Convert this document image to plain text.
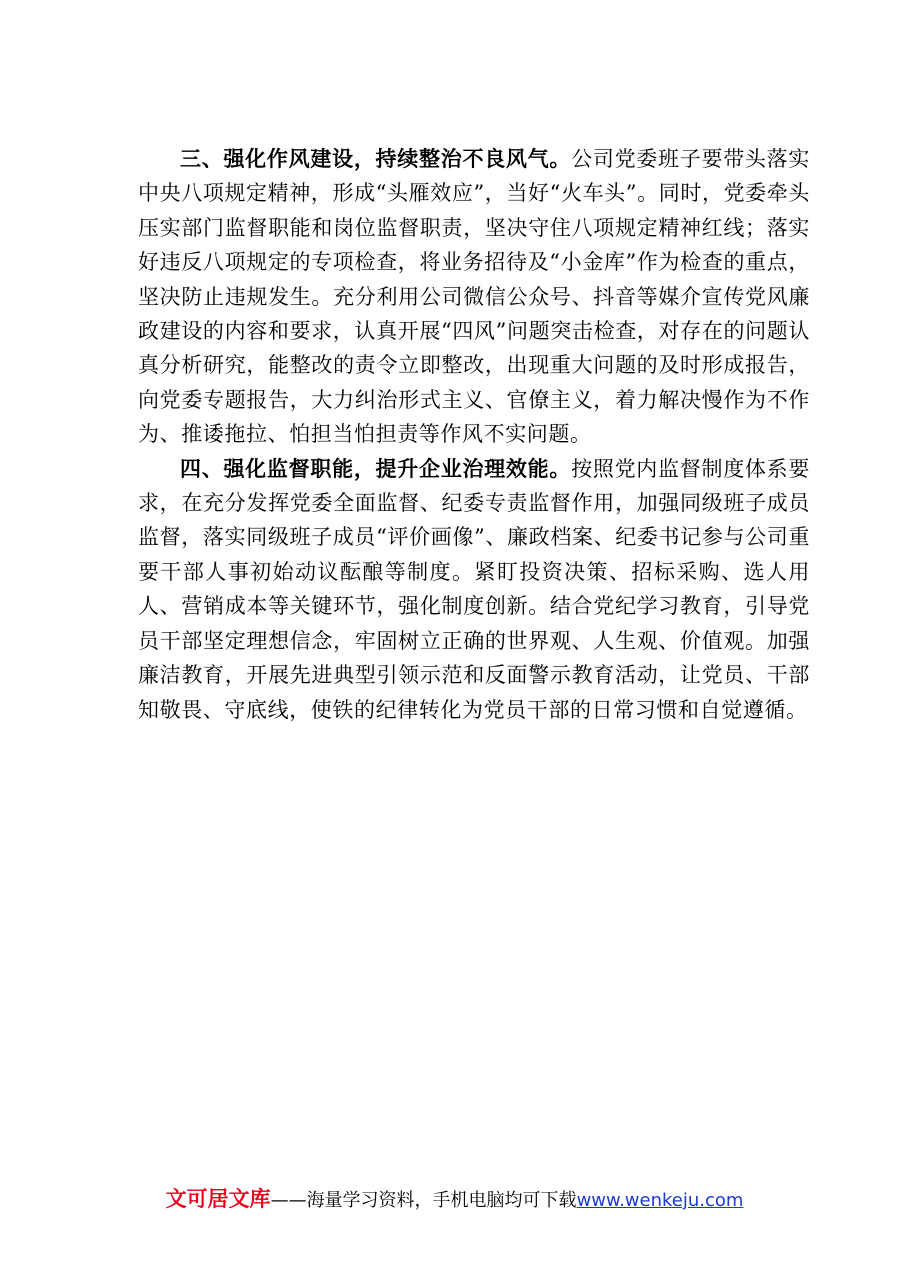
三、强化作风建设，持续整治不良风气。公司党委班子要带头落实中央八项规定精神，形成“头雁效应”，当好“火车头”。同时，党委牵头压实部门监督职能和岗位监督职责，坚决守住八项规定精神红线；落实好违反八项规定的专项检查，将业务招待及“小金库”作为检查的重点，坚决防止违规发生。充分利用公司微信公众号、抖音等媒介宣传党风廉政建设的内容和要求，认真开展“四风”问题突击检查，对存在的问题认真分析研究，能整改的责令立即整改，出现重大问题的及时形成报告，向党委专题报告，大力纠治形式主义、官僚主义，着力解决慢作为不作为、推诿拖拉、怕担当怕担责等作风不实问题。

四、强化监督职能，提升企业治理效能。按照党内监督制度体系要求，在充分发挥党委全面监督、纪委专责监督作用，加强同级班子成员监督，落实同级班子成员“评价画像”、廉政档案、纪委书记参与公司重要干部人事初始动议酝酿等制度。紧盯投资决策、招标采购、选人用人、营销成本等关键环节，强化制度创新。结合党纪学习教育，引导党员干部坚定理想信念，牢固树立正确的世界观、人生观、价值观。加强廉洁教育，开展先进典型引领示范和反面警示教育活动，让党员、干部知敬畏、守底线，使铁的纪律转化为党员干部的日常习惯和自觉遵循。

文可居文库——海量学习资料，手机电脑均可下载www.wenkeju.com
